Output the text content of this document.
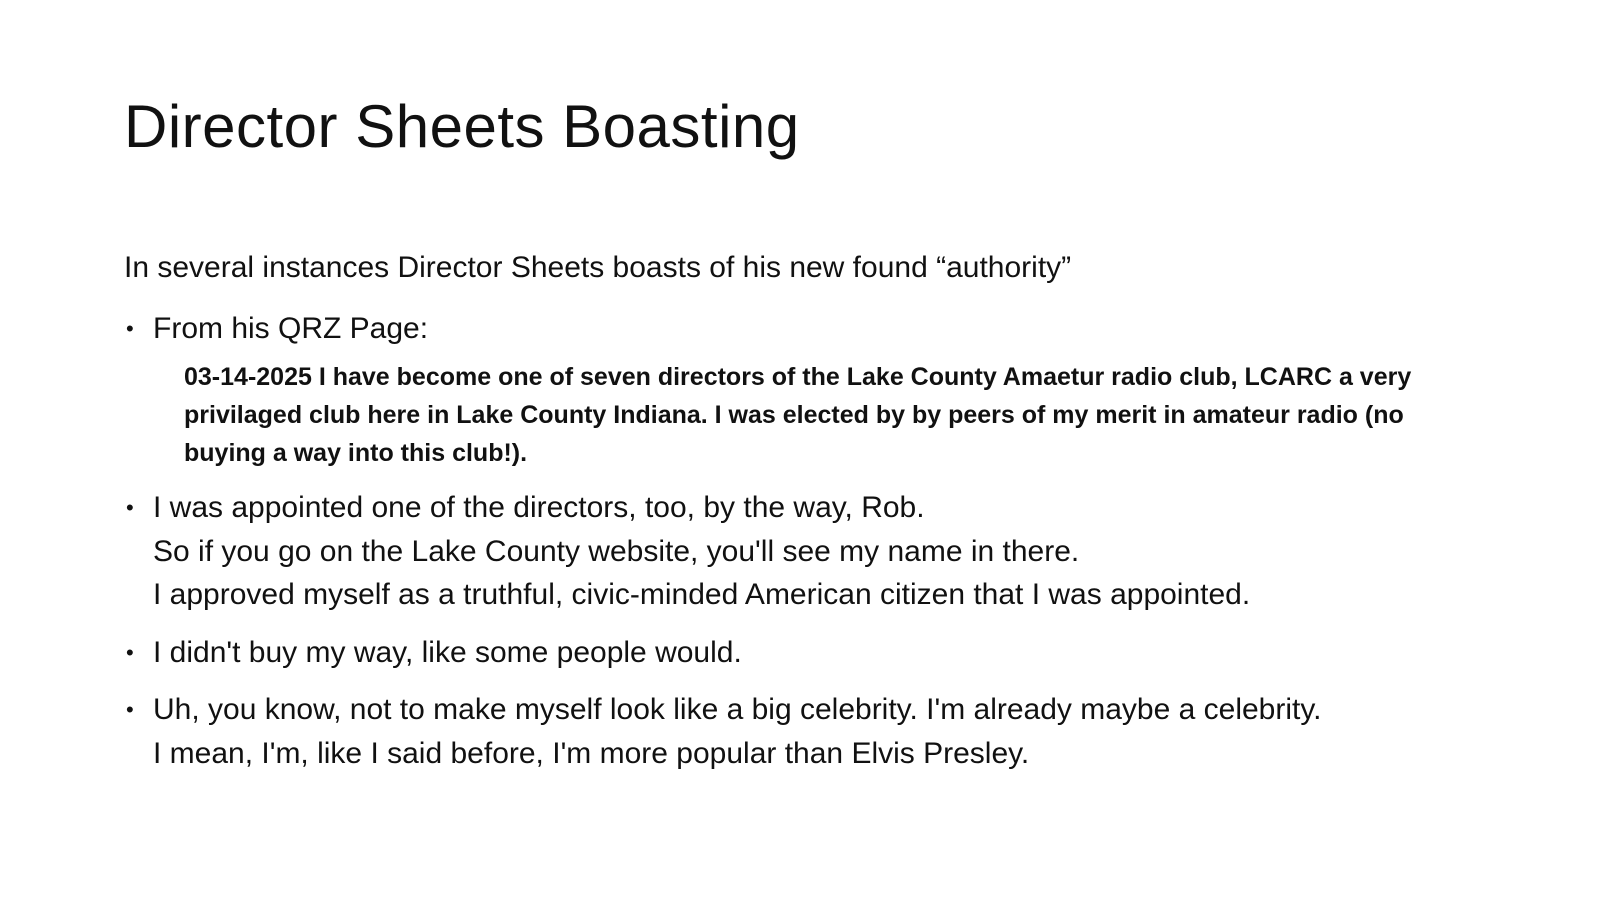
Director Sheets Boasting

In several instances Director Sheets boasts of his new found “authority”

• From his QRZ Page:
03-14-2025 I have become one of seven directors of the Lake County Amaetur radio club, LCARC a very privilaged club here in Lake County Indiana. I was elected by by peers of my merit in amateur radio (no buying a way into this club!).
• I was appointed one of the directors, too, by the way, Rob.
So if you go on the Lake County website, you'll see my name in there.
I approved myself as a truthful, civic-minded American citizen that I was appointed.
• I didn't buy my way, like some people would.
• Uh, you know, not to make myself look like a big celebrity. I'm already maybe a celebrity.
I mean, I'm, like I said before, I'm more popular than Elvis Presley.
